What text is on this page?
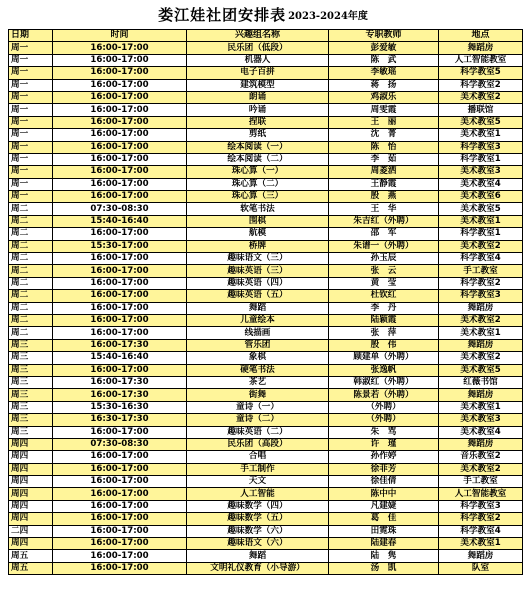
娄江娃社团安排表 2023-2024年度
日期	时间	兴趣组名称	专职教师	地点
周一	16:00-17:00	民乐团（低段）	彭爱敏	舞蹈房
周一	16:00-17:00	机器人	陈　武	人工智能教室
周一	16:00-17:00	电子百拼	李敏瑶	科学教室5
周一	16:00-17:00	建筑模型	蒋　扬	科学教室2
周一	16:00-17:00	朗诵	鸡淑乐	美术教室2
周一	16:00-17:00	吟诵	周雯霞	播联馆
周一	16:00-17:00	捏联	王　丽	美术教室5
周一	16:00-17:00	剪纸	沈　菁	美术教室1
周一	16:00-17:00	绘本阅读（一）	陈　怡	科学教室3
周一	16:00-17:00	绘本阅读（二）	李　茹	科学教室1
周一	16:00-17:00	珠心算（一）	周菱洒	美术教室3
周一	16:00-17:00	珠心算（二）	王静霞	美术教室4
周一	16:00-17:00	珠心算（三）	殷　燕	美术教室6
周二	07:30-08:30	软笔书法	王　华	美术教室5
周二	15:40-16:40	围棋	朱吉红（外聘）	美术教室1
周二	16:00-17:00	航模	邵　军	科学教室1
周二	15:30-17:00	桥牌	朱谱一（外聘）	美术教室2
周二	16:00-17:00	趣味语文（三）	孙玉辰	科学教室4
周二	16:00-17:00	趣味英语（三）	张　云	手工教室
周二	16:00-17:00	趣味英语（四）	黄　莹	科学教室2
周二	16:00-17:00	趣味英语（五）	杜钦红	科学教室3
周二	16:00-17:00	舞蹈	李　丹	舞蹈房
周二	16:00-17:00	儿童绘本	陆颖霞	美术教室2
周二	16:00-17:00	线描画	张　萍	美术教室1
周三	16:00-17:30	管乐团	殷　伟	舞蹈房
周三	15:40-16:40	象棋	顾建单（外聘）	美术教室2
周三	16:00-17:00	硬笔书法	张逸帆	美术教室5
周三	16:00-17:30	茶艺	韩淑红（外聘）	红薇书馆
周三	16:00-17:30	街舞	陈景若（外聘）	舞蹈房
周三	15:30-16:30	童诗（一）	（外聘）	美术教室1
周三	16:30-17:30	童诗（二）	（外聘）	美术教室3
周三	16:00-17:00	趣味英语（二）	朱　骂	美术教室4
周四	07:30-08:30	民乐团（高段）	许　瑾	舞蹈房
周四	16:00-17:00	合唱	孙作婷	音乐教室2
周四	16:00-17:00	手工制作	徐菲芳	美术教室2
周四	16:00-17:00	天文	徐佳倩	手工教室
周四	16:00-17:00	人工智能	陈中中	人工智能教室
周四	16:00-17:00	趣味数学（四）	凡建婕	科学教室3
周四	16:00-17:00	趣味数学（五）	葛　佳	科学教室2
二四	16:00-17:00	趣味数学（六）	田霓珠	科学教室4
周四	16:00-17:00	趣味语文（六）	陆建春	美术教室1
周五	16:00-17:00	舞蹈	陆　隽	舞蹈房
周五	16:00-17:00	文明礼仪教育（小导游）	汤　凯	队室
